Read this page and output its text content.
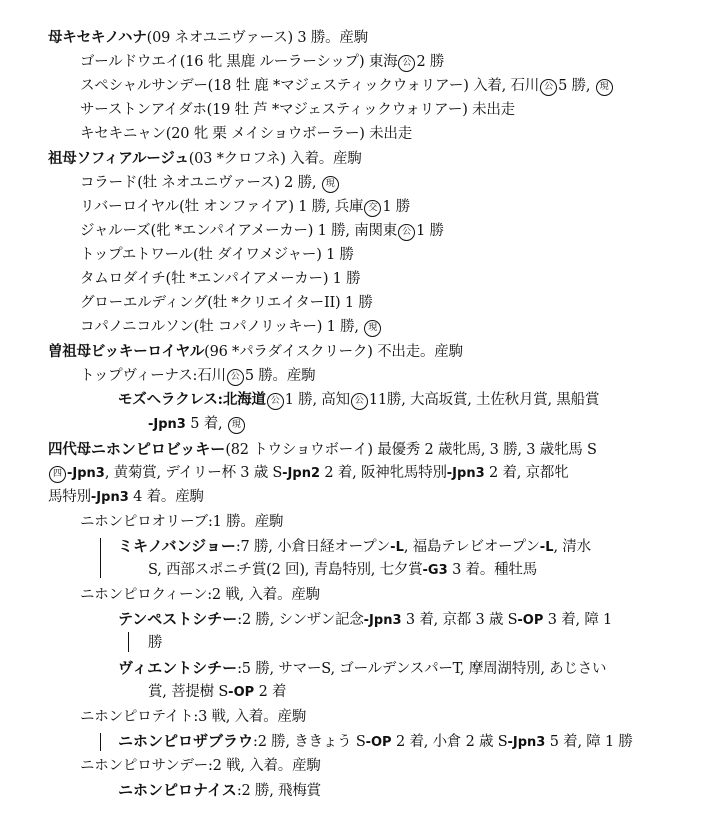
母キセキノハナ(09 ネオユニヴァース) 3 勝。産駒
ゴールドウエイ(16 牝 黒鹿 ルーラーシップ) 東海 公 2 勝
スペシャルサンデー(18 牡 鹿 *マジェスティックウォリアー) 入着, 石川 公 5 勝, 現
サーストンアイダホ(19 牡 芦 *マジェスティックウォリアー) 未出走
キセキニャン(20 牝 栗 メイショウボーラー) 未出走
祖母ソフィアルージュ(03 *クロフネ) 入着。産駒
コラード(牡 ネオユニヴァース) 2 勝, 現
リバーロイヤル(牡 オンファイア) 1 勝, 兵庫 交 1 勝
ジャルーズ(牝 *エンパイアメーカー) 1 勝, 南関東 公 1 勝
トップエトワール(牡 ダイワメジャー) 1 勝
タムロダイチ(牡 *エンパイアメーカー) 1 勝
グローエルディング(牡 *クリエイターII) 1 勝
コパノニコルソン(牡 コパノリッキー) 1 勝, 現
曽祖母ビッキーロイヤル(96 *パラダイスクリーク) 不出走。産駒
トップヴィーナス:石川 公 5 勝。産駒
モズヘラクレス:北海道 公 1 勝, 高知 公 11勝, 大高坂賞, 土佐秋月賞, 黒船賞
-Jpn3 5 着, 現
四代母ニホンピロビッキー(82 トウショウボーイ) 最優秀 2 歳牝馬, 3 勝, 3 歳牝馬 S
四 -Jpn3, 黄菊賞, デイリー杯 3 歳 S-Jpn2 2 着, 阪神牝馬特別-Jpn3 2 着, 京都牝
馬特別-Jpn3 4 着。産駒
ニホンピロオリーブ:1 勝。産駒
ミキノバンジョー:7 勝, 小倉日経オープン-L, 福島テレビオープン-L, 清水
S, 西部スポニチ賞(2 回), 青島特別, 七夕賞-G3 3 着。種牡馬
ニホンピロクィーン:2 戦, 入着。産駒
テンペストシチー:2 勝, シンザン記念-Jpn3 3 着, 京都 3 歳 S-OP 3 着, 障 1
勝
ヴィエントシチー:5 勝, サマーS, ゴールデンスパーT, 摩周湖特別, あじさい
賞, 菩提樹 S-OP 2 着
ニホンピロテイト:3 戦, 入着。産駒
ニホンピロザブラウ:2 勝, ききょう S-OP 2 着, 小倉 2 歳 S-Jpn3 5 着, 障 1 勝
ニホンピロサンデー:2 戦, 入着。産駒
ニホンピロナイス:2 勝, 飛梅賞
